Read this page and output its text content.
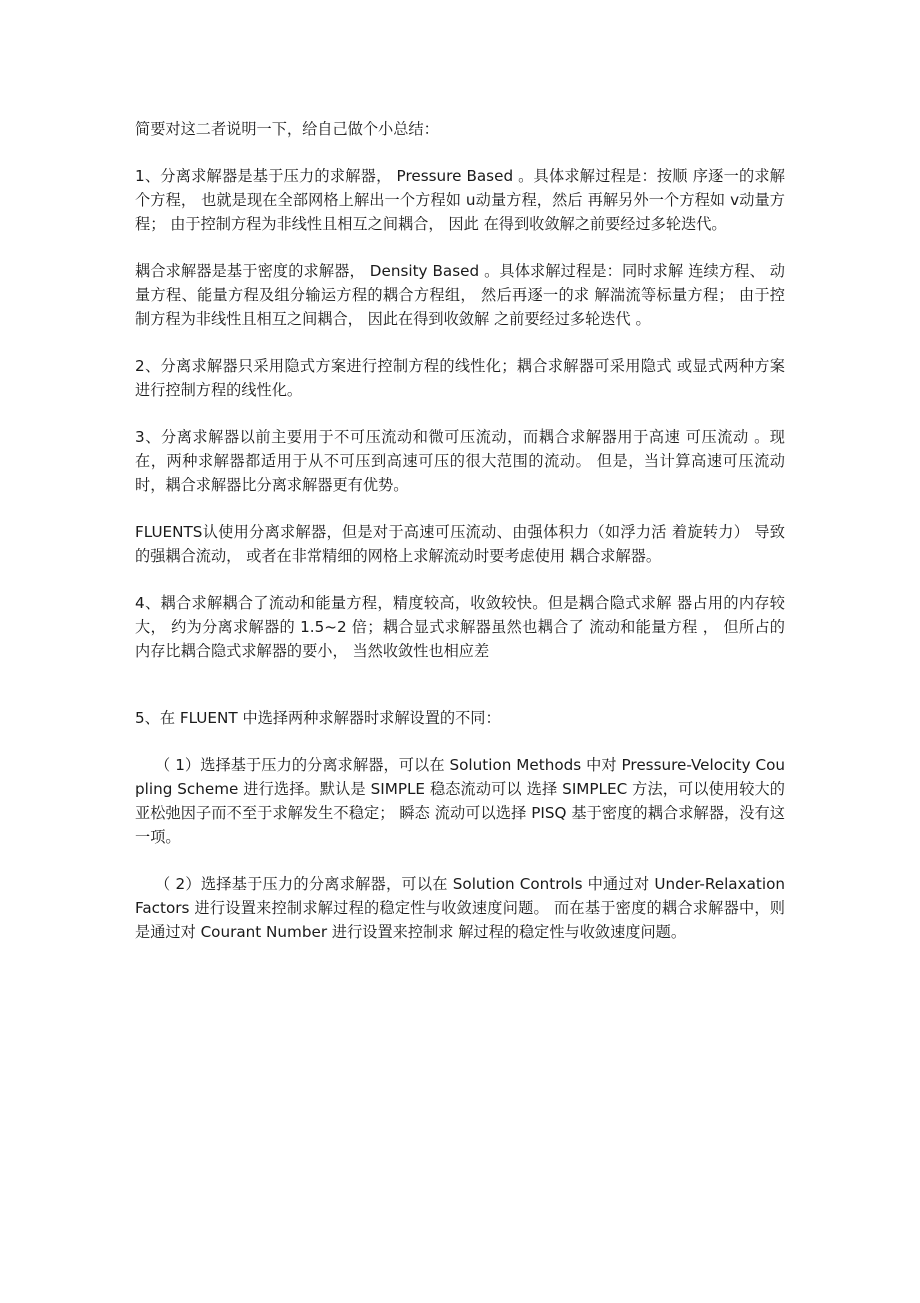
简要对这二者说明一下，给自己做个小总结：

1、分离求解器是基于压力的求解器， Pressure Based 。具体求解过程是：按顺 序逐一的求解个方程， 也就是现在全部网格上解出一个方程如 u动量方程，然后 再解另外一个方程如 v动量方程； 由于控制方程为非线性且相互之间耦合， 因此 在得到收敛解之前要经过多轮迭代。

耦合求解器是基于密度的求解器， Density Based 。具体求解过程是：同时求解 连续方程、 动量方程、能量方程及组分输运方程的耦合方程组， 然后再逐一的求 解湍流等标量方程； 由于控制方程为非线性且相互之间耦合， 因此在得到收敛解 之前要经过多轮迭代 。

2、分离求解器只采用隐式方案进行控制方程的线性化；耦合求解器可采用隐式 或显式两种方案进行控制方程的线性化。

3、分离求解器以前主要用于不可压流动和微可压流动，而耦合求解器用于高速 可压流动 。现在，两种求解器都适用于从不可压到高速可压的很大范围的流动。 但是，当计算高速可压流动时，耦合求解器比分离求解器更有优势。

FLUENTS认使用分离求解器，但是对于高速可压流动、由强体积力（如浮力活 着旋转力） 导致的强耦合流动， 或者在非常精细的网格上求解流动时要考虑使用 耦合求解器。

4、耦合求解耦合了流动和能量方程，精度较高，收敛较快。但是耦合隐式求解 器占用的内存较大， 约为分离求解器的 1.5~2 倍；耦合显式求解器虽然也耦合了 流动和能量方程 ， 但所占的内存比耦合隐式求解器的要小， 当然收敛性也相应差

5、在 FLUENT 中选择两种求解器时求解设置的不同：

（ 1）选择基于压力的分离求解器，可以在 Solution Methods 中对 Pressure-Velocity Coupling Scheme 进行选择。默认是 SIMPLE 稳态流动可以 选择 SIMPLEC 方法，可以使用较大的亚松弛因子而不至于求解发生不稳定； 瞬态 流动可以选择 PISQ 基于密度的耦合求解器，没有这一项。

（ 2）选择基于压力的分离求解器，可以在 Solution Controls 中通过对 Under-Relaxation Factors 进行设置来控制求解过程的稳定性与收敛速度问题。 而在基于密度的耦合求解器中，则是通过对 Courant Number 进行设置来控制求 解过程的稳定性与收敛速度问题。
